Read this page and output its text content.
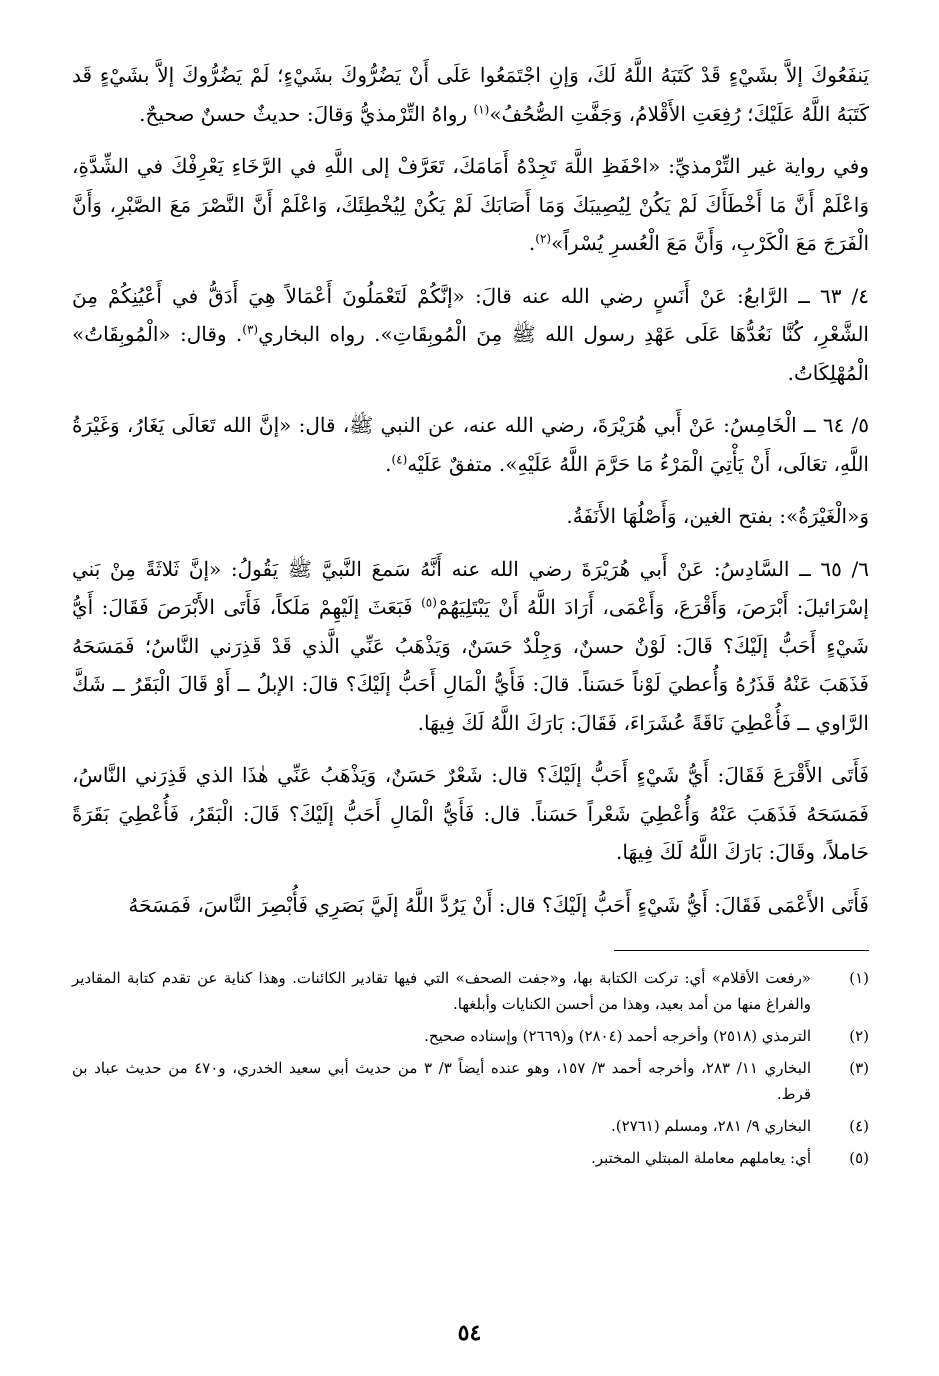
يَنفَعُوكَ إلاَّ بشَيْءٍ قَدْ كَتَبَهُ اللَّهُ لَكَ، وَإنِ اجْتَمَعُوا عَلَى أَنْ يَضُرُّوكَ بشَيْءٍ؛ لَمْ يَضُرُّوكَ إلاَّ بشَيْءٍ قَد كَتَبَهُ اللَّهُ عَلَيْكَ؛ رُفِعَتِ الأَقْلامُ، وَجَفَّتِ الصُّحُفُ»$^{(١)}$ رواهُ التِّرْمذيُّ وَقالَ: حديثٌ حسنٌ صحيحٌ.

وفي رواية غير التِّرْمذيِّ: «احْفَظِ اللَّهَ تَجِدْهُ أَمَامَكَ، تَعَرَّفْ إلى اللَّهِ في الرَّخَاءِ يَعْرِفْكَ في الشِّدَّةِ، وَاعْلَمْ أَنَّ مَا أَخْطَأَكَ لَمْ يَكُنْ لِيُصِيبَكَ وَمَا أَصَابَكَ لَمْ يَكُنْ لِيُخْطِئَكَ، وَاعْلَمْ أَنَّ النَّصْرَ مَعَ الصَّبْرِ، وَأَنَّ الْفَرَجَ مَعَ الْكَرْبِ، وَأَنَّ مَعَ الْعُسرِ يُسْراً»$^{(٢)}$.

٤/ ٦٣ ــ الرَّابعُ: عَنْ أَنَسٍ رضي الله عنه قالَ: «إنَّكُمْ لَتَعْمَلُونَ أَعْمَالاً هِيَ أَدَقُّ في أَعْيُنِكُمْ مِنَ الشَّعْرِ، كُنَّا نَعُدُّهَا عَلَى عَهْدِ رسول الله ﷺ مِنَ الْمُوبِقَاتِ». رواه البخاري$^{(٣)}$. وقال: «الْمُوبِقَاتُ» الْمُهْلِكَاتُ.

٥/ ٦٤ ــ الْخَامِسُ: عَنْ أَبي هُرَيْرَةَ، رضي الله عنه، عن النبي ﷺ، قال: «إنَّ الله تَعَالَى يَغَارُ، وَغَيْرَةُ اللَّهِ، تعَالَى، أَنْ يَأْتِيَ الْمَرْءُ مَا حَرَّمَ اللَّهُ عَلَيْهِ». متفقٌ عَلَيْه$^{(٤)}$.

وَ«الْغَيْرَةُ»: بفتح الغين، وَأَصْلُهَا الأَنَفَةُ.

٦/ ٦٥ ــ السَّادِسُ: عَنْ أَبي هُرَيْرَةَ رضي الله عنه أَنَّهُ سَمعَ النَّبيَّ ﷺ يَقُولُ: «إنَّ ثَلاثَةً مِنْ بَني إسْرَائيلَ: أَبْرَصَ، وَأَقْرَعَ، وَأَعْمَى، أَرَادَ اللَّهُ أَنْ يَبْتَلِيَهُمْ$^{(٥)}$ فَبَعَثَ إلَيْهِمْ مَلَكاً، فَأَتَى الأَبْرَصَ فَقَالَ: أَيُّ شَيْءٍ أَحَبُّ إلَيْكَ؟ قَالَ: لَوْنٌ حسنٌ، وَجِلْدٌ حَسَنٌ، وَيَذْهَبُ عَنِّي الَّذي قَدْ قَذِرَني النَّاسُ؛ فَمَسَحَهُ فَذَهَبَ عَنْهُ قَذَرُهُ وَأُعطيَ لَوْناً حَسَناً. قالَ: فَأَيُّ الْمَالِ أَحَبُّ إلَيْكَ؟ قالَ: الإبلُ ــ أَوْ قَالَ الْبَقَرُ ــ شَكَّ الرَّاوي ــ فَأُعْطِيَ نَاقَةً عُشَرَاءَ، فَقَالَ: بَارَكَ اللَّهُ لَكَ فِيهَا.

فَأَتَى الأَقْرَعَ فَقَالَ: أَيُّ شَيْءٍ أَحَبُّ إلَيْكَ؟ قال: شَعْرٌ حَسَنٌ، وَيَذْهَبُ عَنِّي هٰذَا الذي قَذِرَني النَّاسُ، فَمَسَحَهُ فَذَهَبَ عَنْهُ وَأُعْطِيَ شَعْراً حَسَناً. قال: فَأَيُّ الْمَالِ أَحَبُّ إلَيْكَ؟ قَالَ: الْبَقَرُ، فَأُعْطِيَ بَقَرَةً حَاملاً، وقَالَ: بَارَكَ اللَّهُ لَكَ فِيهَا.

فَأَتَى الأَعْمَى فَقَالَ: أَيُّ شَيْءٍ أَحَبُّ إلَيْكَ؟ قال: أَنْ يَرُدَّ اللَّهُ إلَيَّ بَصَرِي فَأُبْصِرَ النَّاسَ، فَمَسَحَهُ

(١)
«رفعت الأقلام» أي: تركت الكتابة بها، و«جفت الصحف» التي فيها تقادير الكائنات. وهذا كناية عن تقدم كتابة المقادير والفراغ منها من أمد بعيد، وهذا من أحسن الكنايات وأبلغها.
(٢)
الترمذي (٢٥١٨) وأخرجه أحمد (٢٨٠٤) و(٢٦٦٩) وإسناده صحيح.
(٣)
البخاري ١١/ ٢٨٣، وأخرجه أحمد ٣/ ١٥٧، وهو عنده أيضاً ٣/ ٣ من حديث أبي سعيد الخدري، و٤٧٠ من حديث عباد بن قرط.
(٤)
البخاري ٩/ ٢٨١، ومسلم (٢٧٦١).
(٥)
أي: يعاملهم معاملة المبتلي المختبر.
٥٤
